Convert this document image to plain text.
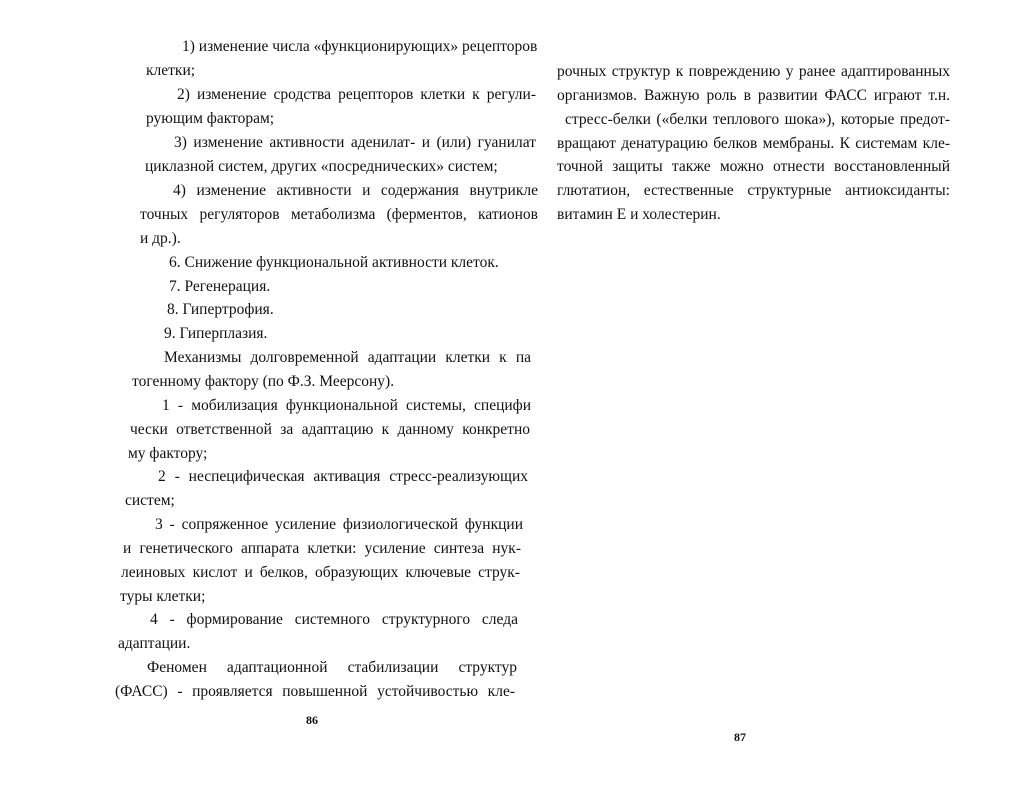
1) изменение числа «функционирующих» рецепторов
клетки;
2) изменение сродства рецепторов клетки к регули-
рующим факторам;
3) изменение активности аденилат- и (или) гуанилат
циклазной систем, других «посреднических» систем;
4) изменение активности и содержания внутрикле
точных регуляторов метаболизма (ферментов, катионов
и др.).
6. Снижение функциональной активности клеток.
7. Регенерация.
8. Гипертрофия.
9. Гиперплазия.
Механизмы долговременной адаптации клетки к па
тогенному фактору (по Ф.З. Меерсону).
1 - мобилизация функциональной системы, специфи
чески ответственной за адаптацию к данному конкретно
му фактору;
2 - неспецифическая активация стресс-реализующих
систем;
3 - сопряженное усиление физиологической функции
и генетического аппарата клетки: усиление синтеза нук-
леиновых кислот и белков, образующих ключевые струк-
туры клетки;
4 - формирование системного структурного следа
адаптации.
Феномен адаптационной стабилизации структур
(ФАСС) - проявляется повышенной устойчивостью кле-
86
рочных структур к повреждению у ранее адаптированных
организмов. Важную роль в развитии ФАСС играют т.н.
стресс-белки («белки теплового шока»), которые предот-
вращают денатурацию белков мембраны. К системам кле-
точной защиты также можно отнести восстановленный
глютатион, естественные структурные антиоксиданты:
витамин Е и холестерин.
87
